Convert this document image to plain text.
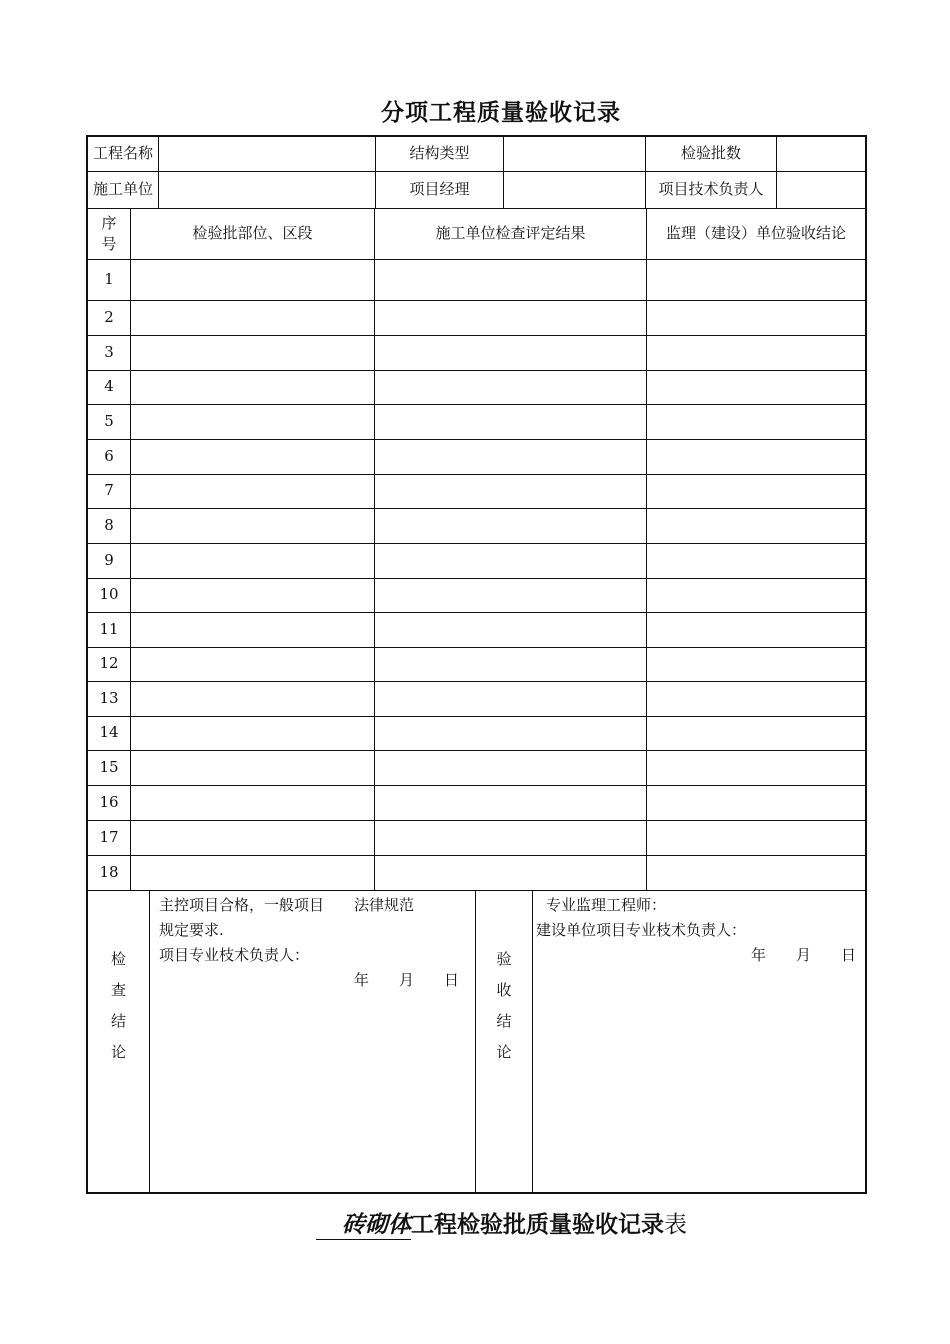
分项工程质量验收记录
工程名称	结构类型	检验批数
施工单位	项目经理	项目技术负责人
序
号
检验批部位、区段	施工单位检查评定结果	监理（建设）单位验收结论
1
2
3
4
5
6
7
8
9
10
11
12
13
14
15
16
17
18
检
查
结
论
验
收
结
论
主控项目合格，一般项目　　法律规范
规定要求.
项目专业枝术负责人：
年　　月　　日
专业监理工程师：
建设单位项目专业枝术负责人：
年　　月　　日
砖砌体工程检验批质量验收记录表
